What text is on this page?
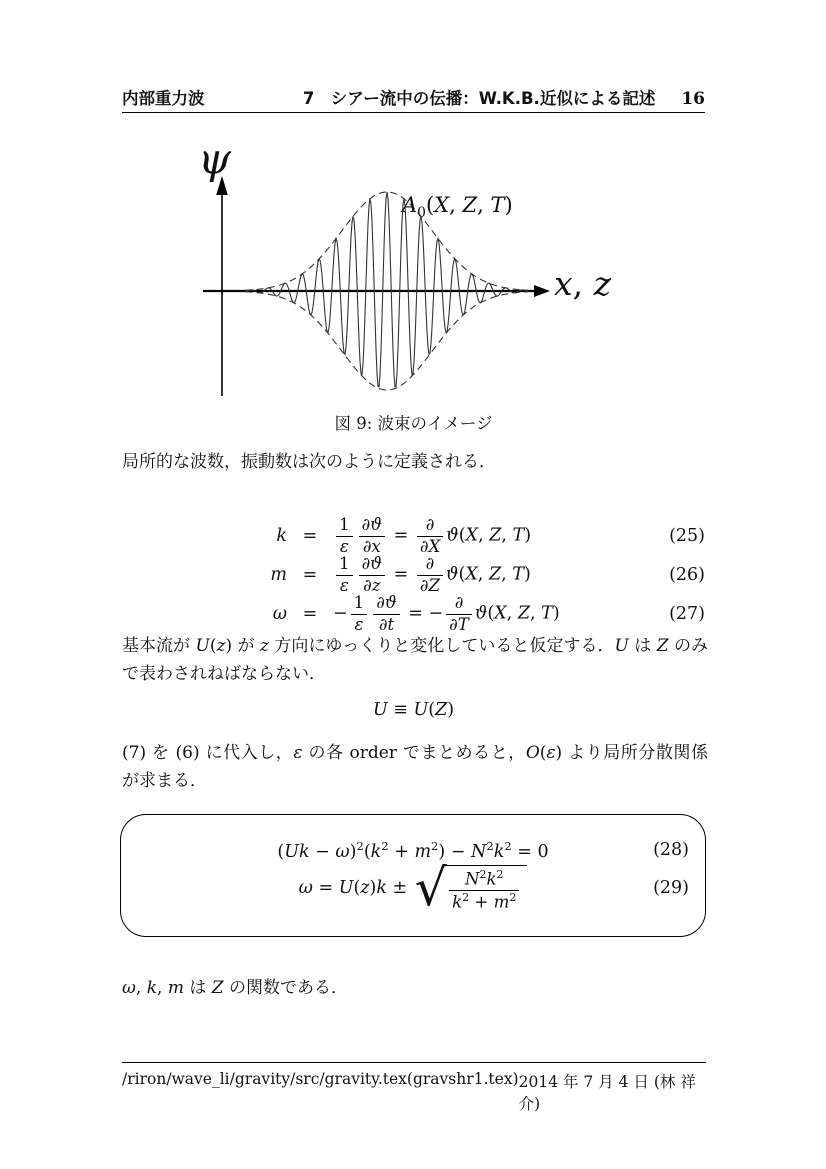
内部重力波	7　シアー流中の伝播：W.K.B.近似による記述 16
ψ
x, z
$A_0(X$, Z, T)
図 9: 波束のイメージ
局所的な波数，振動数は次のように定義される．
k =	$\frac{1}{\varepsilon} \frac{\partial ϑ}{\partial x} = \frac{\partial}{\partial X} ϑ(X$, Z, T)	(25)
m =	$\frac{1}{\varepsilon} \frac{\partial ϑ}{\partial z} = \frac{\partial}{\partial Z} ϑ(X$, Z, T)	(26)
ω = − $\frac{1}{\varepsilon} \frac{\partial ϑ}{\partial t}$ = − $\frac{\partial}{\partial T} ϑ(X$, Z, T)	(27)
基本流が U(z) が z 方向にゆっくりと変化していると仮定する．U は Z のみで表わされねばならない．
U ≡ U(Z)
(7) を (6) に代入し，ε の各 order でまとめると，O(ε) より局所分散関係が求まる．
$(Uk - \omega)^2(k^2 + m^2) - N^2k^2 = 0$	(28)
ω = U(z)k ± √ $\frac{N^2k^2}{k^2 + m^2}$	(29)
ω, k, m は Z の関数である．
/riron/wave_li/gravity/src/gravity.tex(gravshr1.tex) 2014 年 7 月 4 日 (林 祥介)
